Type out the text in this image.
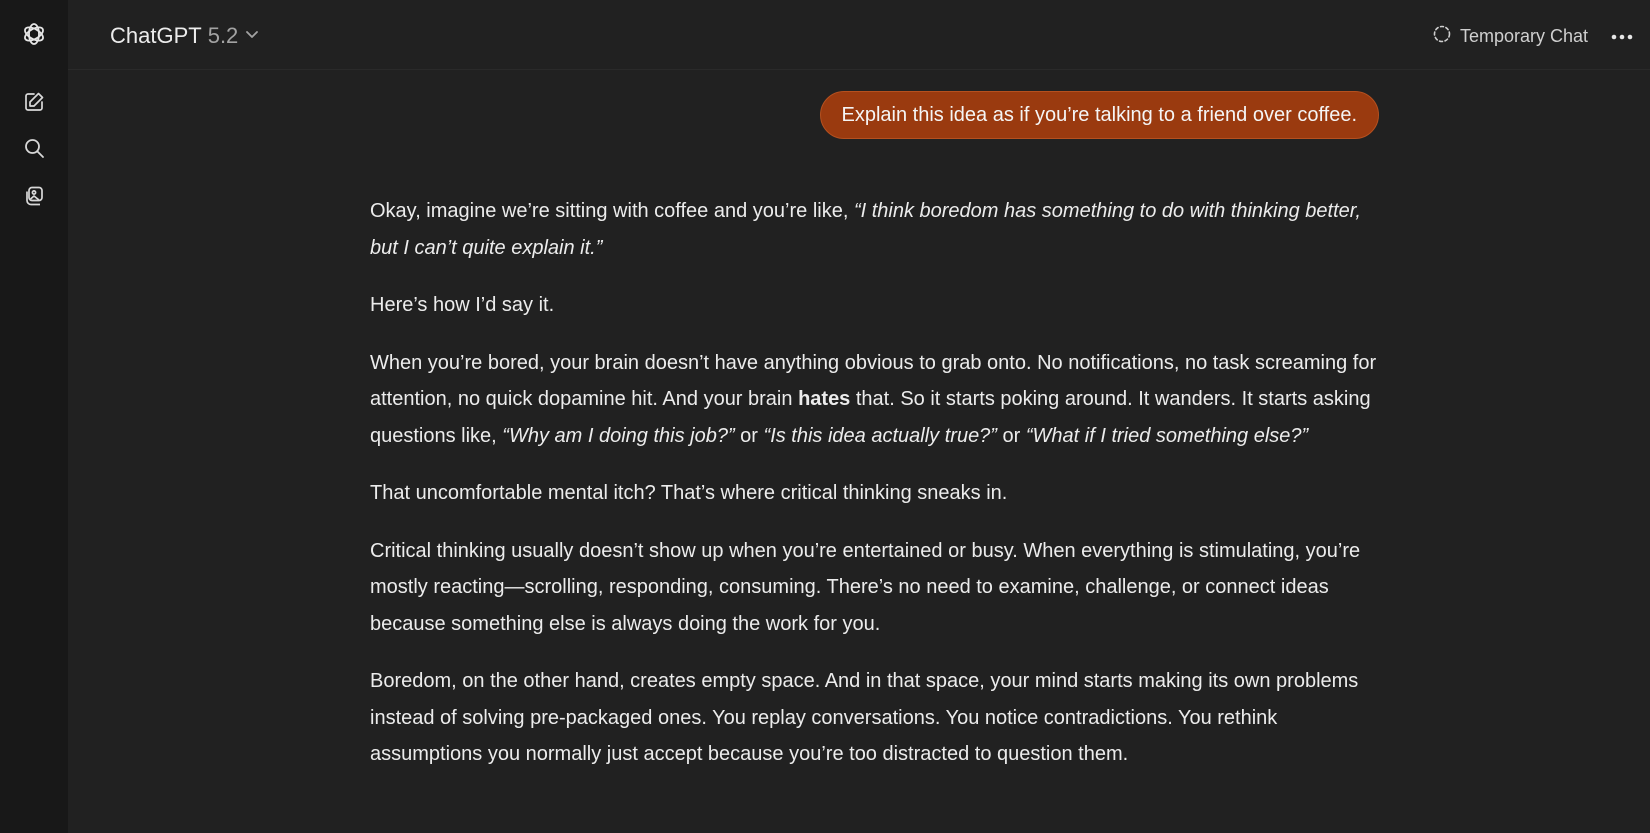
ChatGPT 5.2	Temporary Chat
Explain this idea as if you’re talking to a friend over coffee.

Okay, imagine we’re sitting with coffee and you’re like, “I think boredom has something to do with thinking better, but I can’t quite explain it.”

Here’s how I’d say it.

When you’re bored, your brain doesn’t have anything obvious to grab onto. No notifications, no task screaming for attention, no quick dopamine hit. And your brain hates that. So it starts poking around. It wanders. It starts asking questions like, “Why am I doing this job?” or “Is this idea actually true?” or “What if I tried something else?”

That uncomfortable mental itch? That’s where critical thinking sneaks in.

Critical thinking usually doesn’t show up when you’re entertained or busy. When everything is stimulating, you’re mostly reacting—scrolling, responding, consuming. There’s no need to examine, challenge, or connect ideas because something else is always doing the work for you.

Boredom, on the other hand, creates empty space. And in that space, your mind starts making its own problems instead of solving pre-packaged ones. You replay conversations. You notice contradictions. You rethink assumptions you normally just accept because you’re too distracted to question them.
